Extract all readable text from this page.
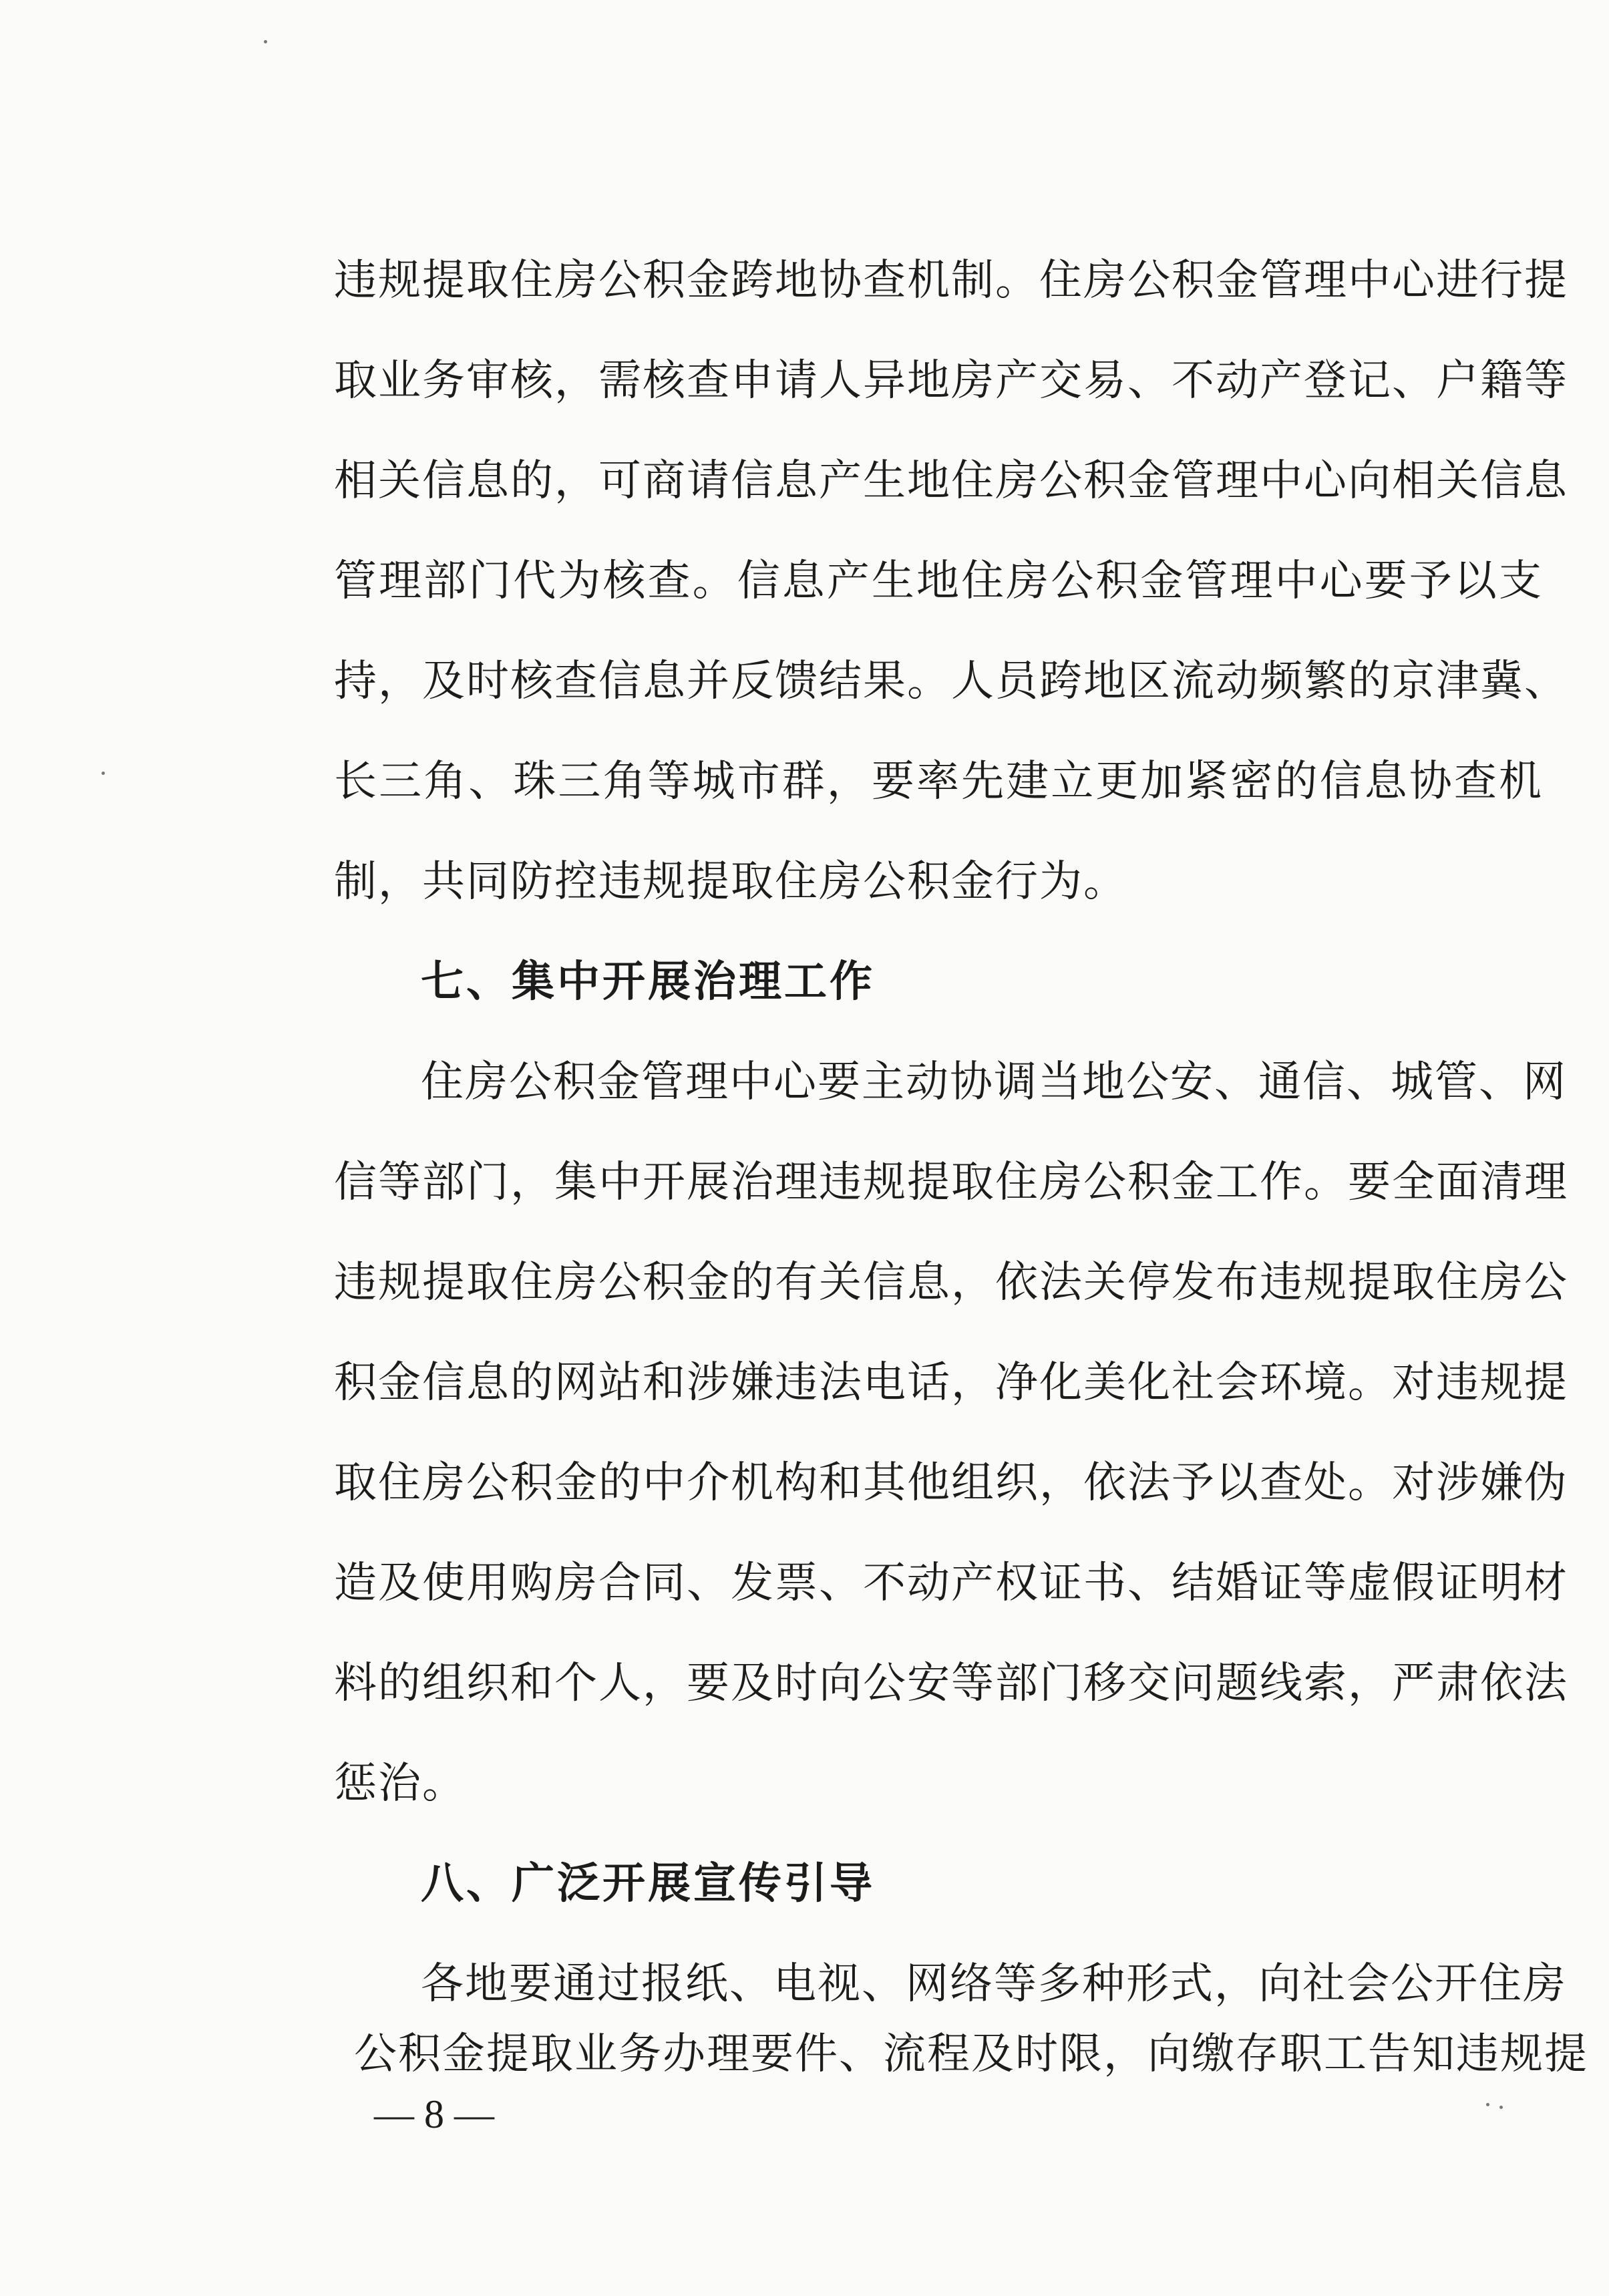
违规提取住房公积金跨地协查机制。住房公积金管理中心进行提
取业务审核，需核查申请人异地房产交易、不动产登记、户籍等
相关信息的，可商请信息产生地住房公积金管理中心向相关信息
管理部门代为核查。信息产生地住房公积金管理中心要予以支
持，及时核查信息并反馈结果。人员跨地区流动频繁的京津冀、
长三角、珠三角等城市群，要率先建立更加紧密的信息协查机
制，共同防控违规提取住房公积金行为。
七、集中开展治理工作
住房公积金管理中心要主动协调当地公安、通信、城管、网
信等部门，集中开展治理违规提取住房公积金工作。要全面清理
违规提取住房公积金的有关信息，依法关停发布违规提取住房公
积金信息的网站和涉嫌违法电话，净化美化社会环境。对违规提
取住房公积金的中介机构和其他组织，依法予以查处。对涉嫌伪
造及使用购房合同、发票、不动产权证书、结婚证等虚假证明材
料的组织和个人，要及时向公安等部门移交问题线索，严肃依法
惩治。
八、广泛开展宣传引导
各地要通过报纸、电视、网络等多种形式，向社会公开住房
公积金提取业务办理要件、流程及时限，向缴存职工告知违规提
— 8 —
